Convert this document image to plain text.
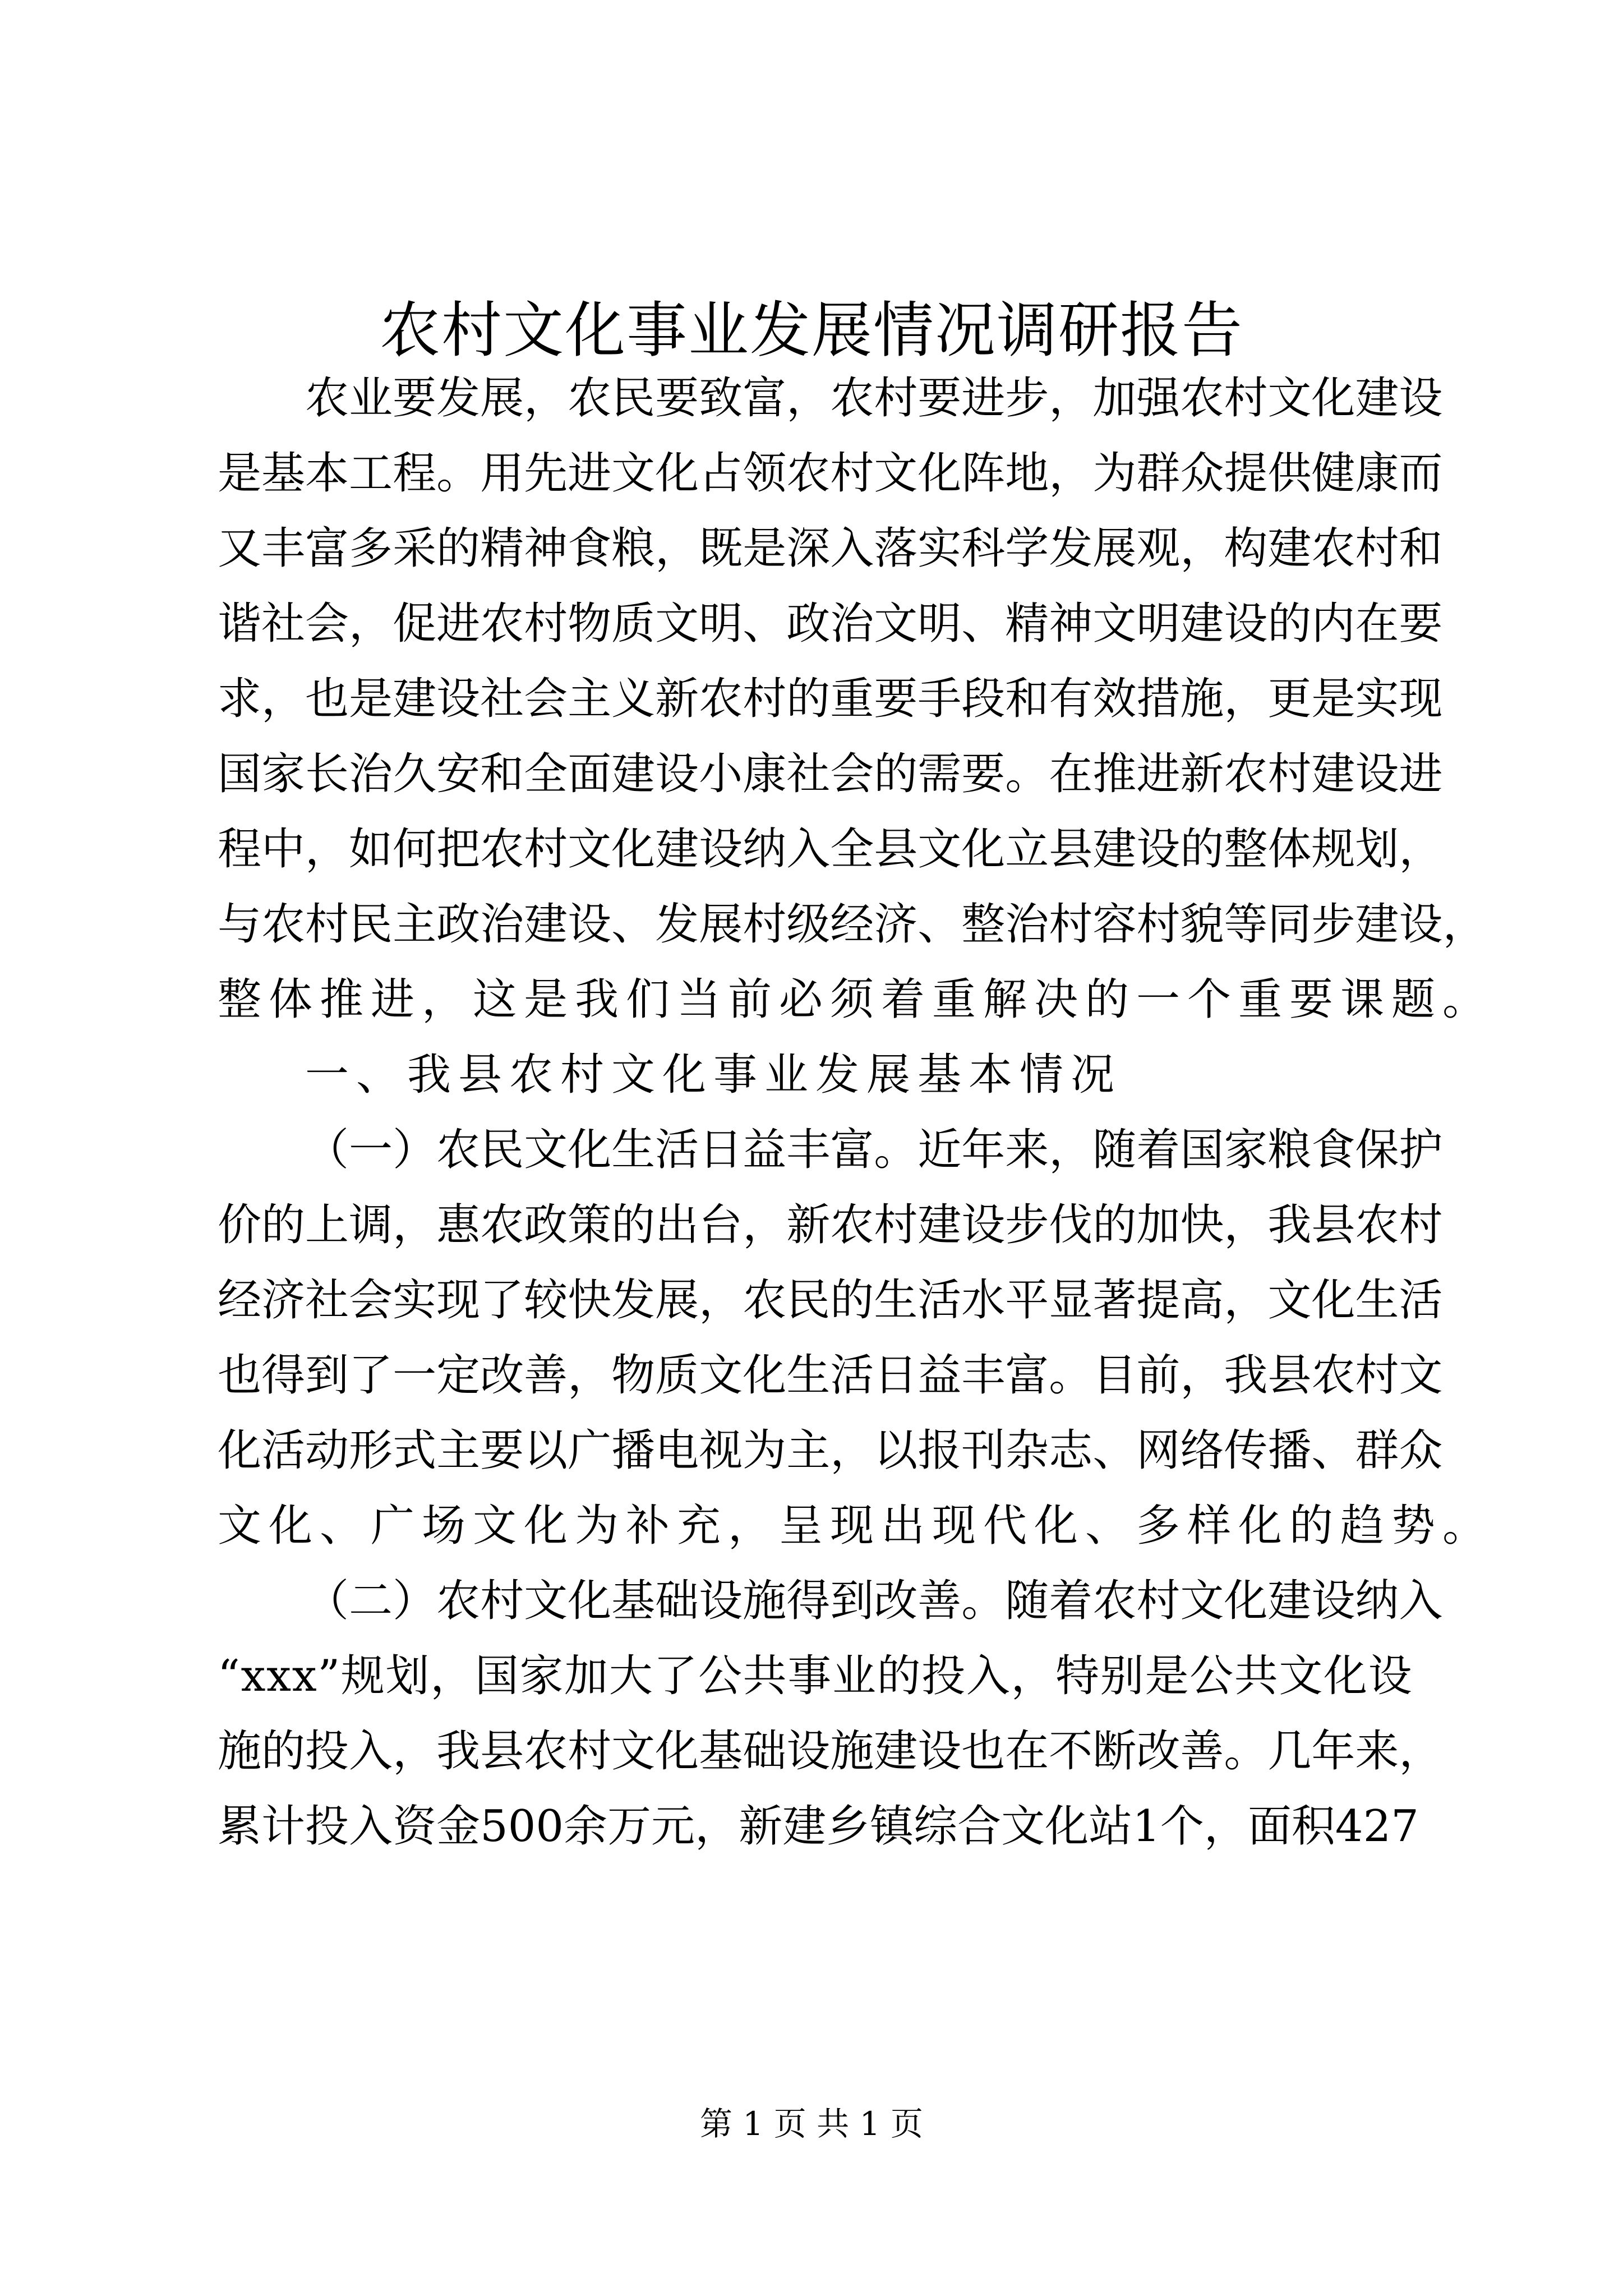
农村文化事业发展情况调研报告
农 业 要 发 展 ， 农 民 要 致 富 ， 农 村 要 进 步 ， 加 强 农 村 文 化 建 设
是 基 本 工 程 。 用 先 进 文 化 占 领 农 村 文 化 阵 地 ， 为 群 众 提 供 健 康 而
又 丰 富 多 采 的 精 神 食 粮 ， 既 是 深 入 落 实 科 学 发 展 观 ， 构 建 农 村 和
谐 社 会 ， 促 进 农 村 物 质 文 明 、 政 治 文 明 、 精 神 文 明 建 设 的 内 在 要
求 ， 也 是 建 设 社 会 主 义 新 农 村 的 重 要 手 段 和 有 效 措 施 ， 更 是 实 现
国 家 长 治 久 安 和 全 面 建 设 小 康 社 会 的 需 要 。 在 推 进 新 农 村 建 设 进
程 中 ， 如 何 把 农 村 文 化 建 设 纳 入 全 县 文 化 立 县 建 设 的 整 体 规 划 ，
与 农 村 民 主 政 治 建 设 、 发 展 村 级 经 济 、 整 治 村 容 村 貌 等 同 步 建 设 ，
整体推进，这是我们当前必须着重解决的一个重要课题。
一、我县农村文化事业发展基本情况
（ 一 ） 农 民 文 化 生 活 日 益 丰 富 。 近 年 来 ， 随 着 国 家 粮 食 保 护
价 的 上 调 ， 惠 农 政 策 的 出 台 ， 新 农 村 建 设 步 伐 的 加 快 ， 我 县 农 村
经 济 社 会 实 现 了 较 快 发 展 ， 农 民 的 生 活 水 平 显 著 提 高 ， 文 化 生 活
也 得 到 了 一 定 改 善 ， 物 质 文 化 生 活 日 益 丰 富 。 目 前 ， 我 县 农 村 文
化 活 动 形 式 主 要 以 广 播 电 视 为 主 ， 以 报 刊 杂 志 、 网 络 传 播 、 群 众
文化、广场文化为补充，呈现出现代化、多样化的趋势。
（ 二 ） 农 村 文 化 基 础 设 施 得 到 改 善 。 随 着 农 村 文 化 建 设 纳 入
“ x x x ” 规 划 ， 国 家 加 大 了 公 共 事 业 的 投 入 ， 特 别 是 公 共 文 化 设
施 的 投 入 ， 我 县 农 村 文 化 基 础 设 施 建 设 也 在 不 断 改 善 。 几 年 来 ，
累 计 投 入 资 金 5 0 0 余 万 元 ， 新 建 乡 镇 综 合 文 化 站 1 个 ， 面 积 4 2 7
第 1 页 共 1 页
